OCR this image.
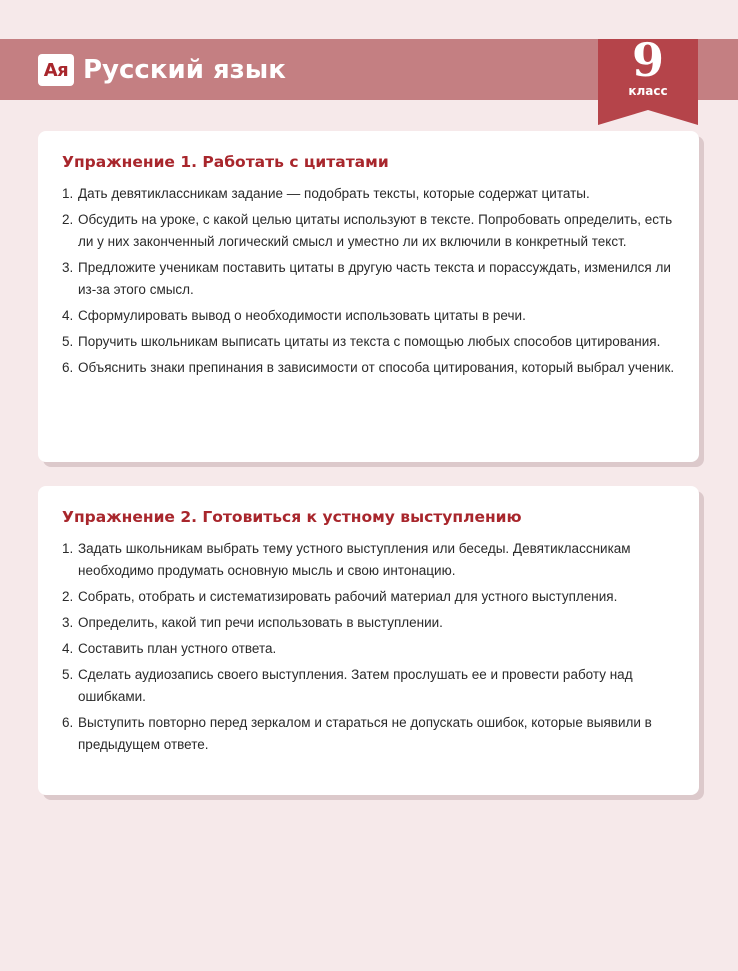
Ая Русский язык	9
класс
Упражнение 1. Работать с цитатами
1. Дать девятиклассникам задание — подобрать тексты, которые содержат цитаты.
2. Обсудить на уроке, с какой целью цитаты используют в тексте. Попробовать определить, есть ли у них законченный логический смысл и уместно ли их включили в конкретный текст.
3. Предложите ученикам поставить цитаты в другую часть текста и порассуждать, изменился ли из-за этого смысл.
4. Сформулировать вывод о необходимости использовать цитаты в речи.
5. Поручить школьникам выписать цитаты из текста с помощью любых способов цитирования.
6. Объяснить знаки препинания в зависимости от способа цитирования, который выбрал ученик.
Упражнение 2. Готовиться к устному выступлению
1. Задать школьникам выбрать тему устного выступления или беседы. Девятиклассникам необходимо продумать основную мысль и свою интонацию.
2. Собрать, отобрать и систематизировать рабочий материал для устного выступления.
3. Определить, какой тип речи использовать в выступлении.
4. Составить план устного ответа.
5. Сделать аудиозапись своего выступления. Затем прослушать ее и провести работу над ошибками.
6. Выступить повторно перед зеркалом и стараться не допускать ошибок, которые выявили в предыдущем ответе.
